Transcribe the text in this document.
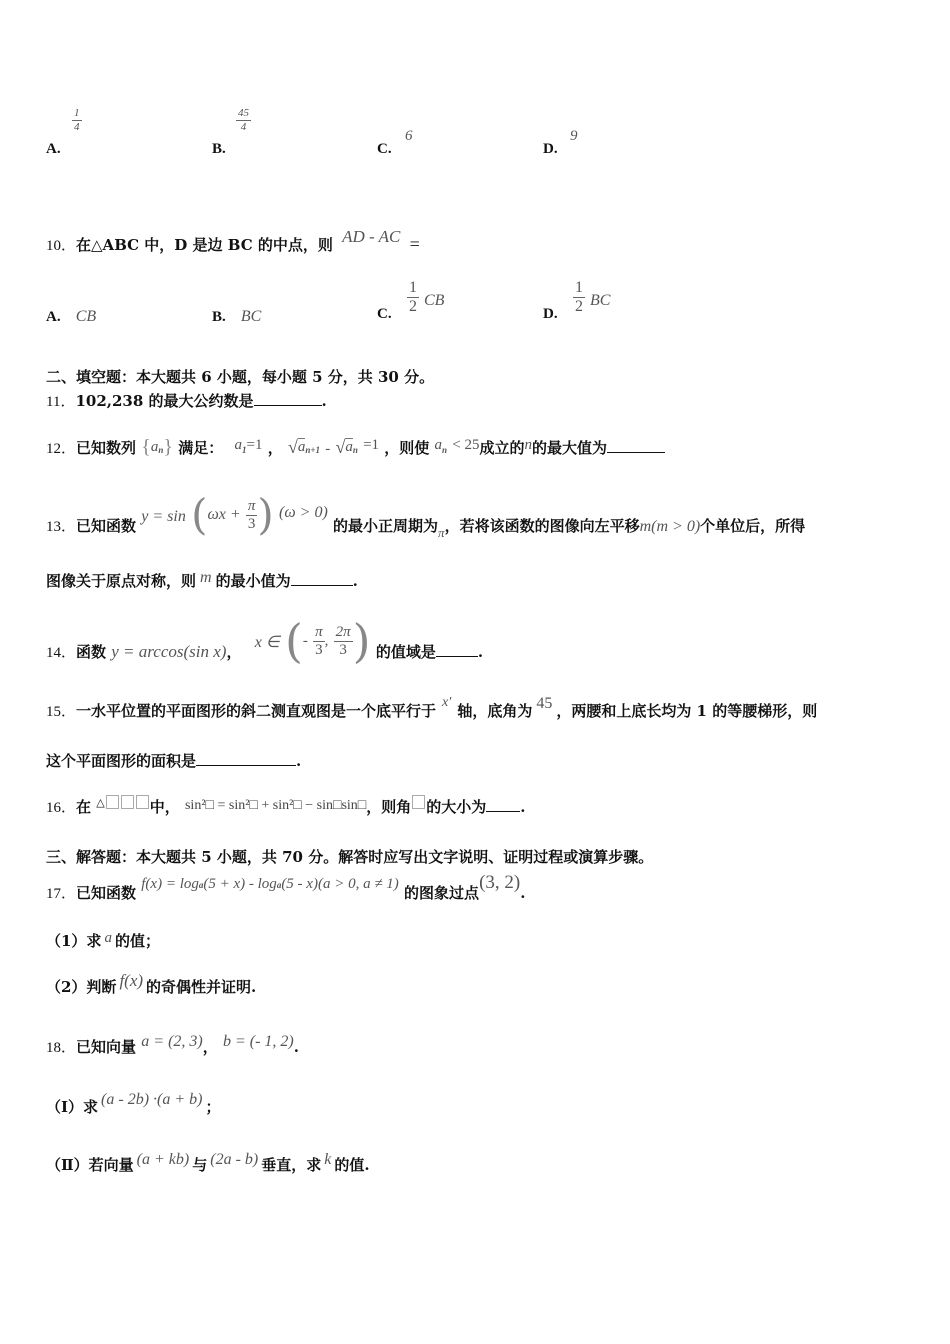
A.
$\frac{1}{4}$
B.
$\frac{45}{4}$
C.
6
D.
9
10．在△ABC 中，D 是边 BC 的中点，则 AD - AC =
A. CB	B. BC	C. $\frac{1}{2}$ CB
D. $\frac{1}{2}$ BC
二、填空题：本大题共 6 小题，每小题 5 分，共 30 分。
11．102,238 的最大公约数是	.
12．已知数列 {an} 满足： a1=1 ， √an+1 - √an =1 ，则使 an < 25成立的n的最大值为
13．已知函数 $y = \sin (\omega x + \frac{\pi}{3}$ ) (ω > 0) 的最小正周期为π，若将该函数的图像向左平移m(m > 0)个单位后，所得
图像关于原点对称，则 m 的最小值为	.
14．函数 y = arccos(sin x)， x ∈ (- $\frac{\pi}{3}$ , $\frac{2\pi}{3}$ ) 的值域是	.
15．一水平位置的平面图形的斜二测直观图是一个底平行于 x′ 轴，底角为 45 ，两腰和上底长均为 1 的等腰梯形，则
这个平面图形的面积是	.
16．在 △	中， sin²□ = sin²□ + sin²□ − sin□sin□，则角 的大小为 .
三、解答题：本大题共 5 小题，共 70 分。解答时应写出文字说明、证明过程或演算步骤。
17．已知函数 f(x) = loga(5 + x) - loga(5 - x)(a > 0, a ≠ 1) 的图象过点(3, 2).
（1）求 a 的值；
（2）判断 f(x) 的奇偶性并证明.
18．已知向量 a = (2, 3)， b = (- 1, 2).
（Ⅰ）求 (a - 2b) ·(a + b) ；
（Ⅱ）若向量 (a + kb) 与 (2a - b) 垂直，求 k 的值.
